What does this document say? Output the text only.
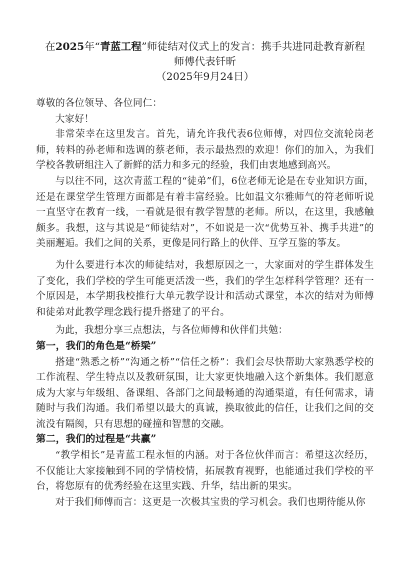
在2025年“青蓝工程”师徒结对仪式上的发言：携手共进同赴教育新程

师傅代表钎昕

（2025年9月24日）

尊敬的各位领导、各位同仁：

大家好！

非常荣幸在这里发言。首先，请允许我代表6位师傅，对四位交流轮岗老师，转料的孙老师和选调的蔡老师，表示最热烈的欢迎！你们的加入，为我们学校各教研组注入了新鲜的活力和多元的经验，我们由衷地感到高兴。

与以往不同，这次青蓝工程的“徒弟”们，6位老师无论是在专业知识方面，还是在课堂学生管理方面都是有着丰富经验。比如温文尔雅师气的符老师听说一直坚守在教育一线，一看就是很有教学智慧的老师。所以，在这里，我感触颇多。我想，这与其说是“师徒结对”，不如说是一次“优势互补、携手共进”的美丽邂逅。我们之间的关系，更像是同行路上的伙伴、互学互鉴的筝友。

为什么要进行本次的师徒结对，我想原因之一，大家面对的学生群体发生了变化，我们学校的学生可能更活泼一些，我们的学生怎样科学管理？还有一个原因是，本学期我校推行大单元教学设计和活动式课堂，本次的结对为师傅和徒弟对此教学理念践行提升搭建了的平台。

为此，我想分享三点想法，与各位师傅和伙伴们共勉：

第一，我们的角色是“桥梁”

搭建“熟悉之桥”“沟通之桥”“信任之桥”：我们会尽快帮助大家熟悉学校的工作流程、学生特点以及教研氛围，让大家更快地融入这个新集体。我们愿意成为大家与年级组、备课组、各部门之间最畅通的沟通渠道，有任何需求，请随时与我们沟通。我们希望以最大的真诚，换取彼此的信任，让我们之间的交流没有隔阂，只有思想的碰撞和智慧的交融。

第二，我们的过程是“共赢”

“教学相长”是青蓝工程永恒的内涵。对于各位伙伴而言：希望这次经历，不仅能让大家接触到不同的学情校情，拓展教育视野，也能通过我们学校的平台，将您原有的优秀经验在这里实践、升华，结出新的果实。

对于我们师傅而言：这更是一次极其宝贵的学习机会。我们也期待能从你
